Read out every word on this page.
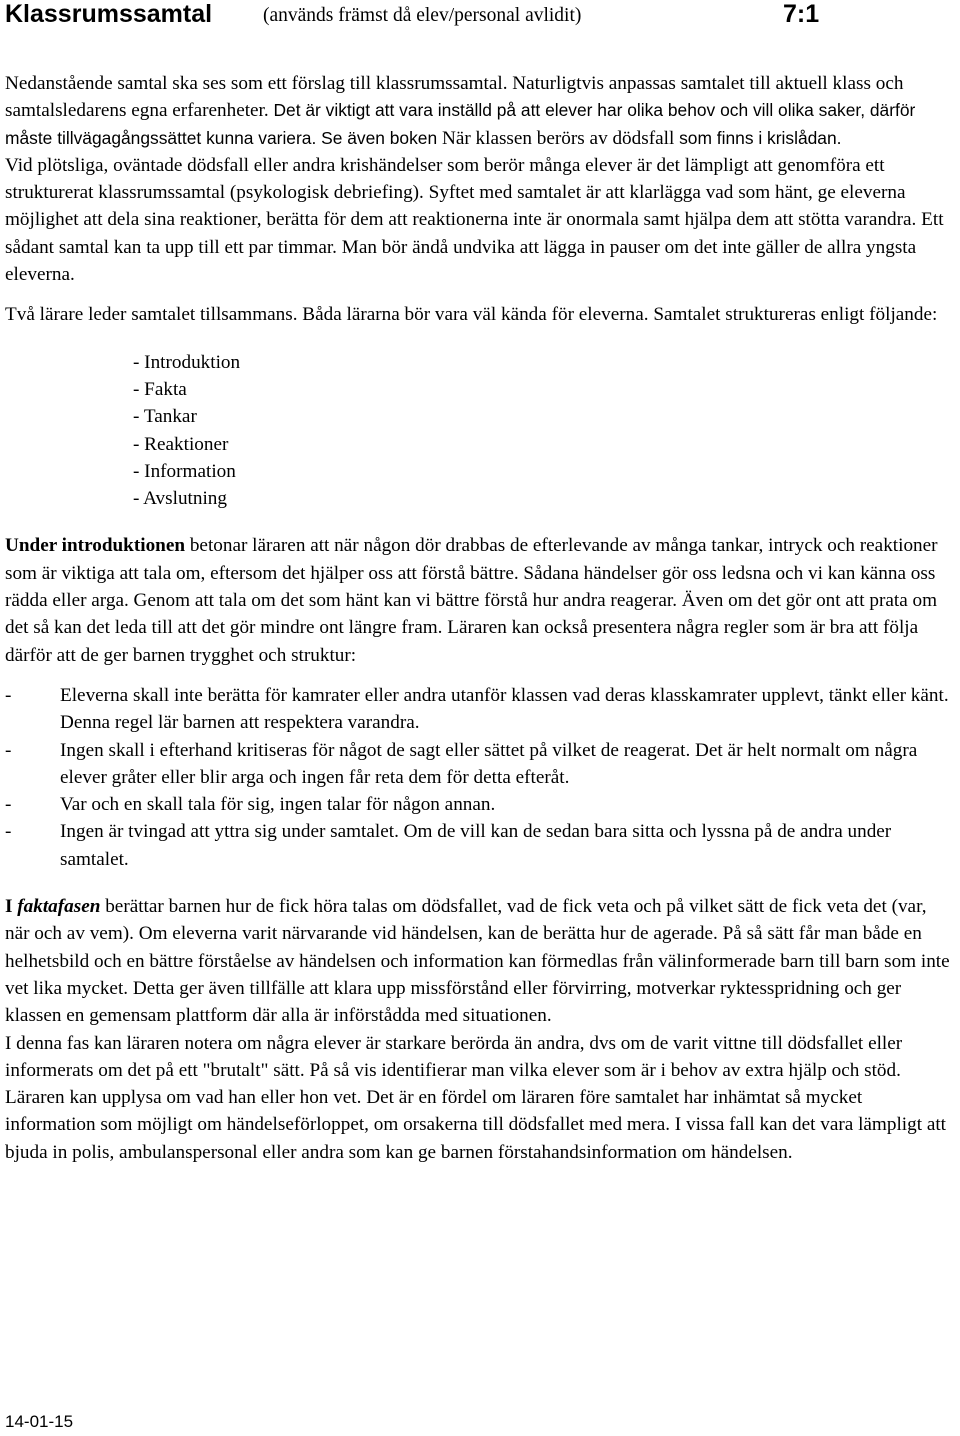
Klassrumssamtal	(används främst då elev/personal avlidit)	7:1

Nedanstående samtal ska ses som ett förslag till klassrumssamtal. Naturligtvis anpassas samtalet till aktuell klass och samtalsledarens egna erfarenheter. Det är viktigt att vara inställd på att elever har olika behov och vill olika saker, därför måste tillvägagångssättet kunna variera. Se även boken När klassen berörs av dödsfall som finns i krislådan.

Vid plötsliga, oväntade dödsfall eller andra krishändelser som berör många elever är det lämpligt att genomföra ett strukturerat klassrumssamtal (psykologisk debriefing). Syftet med samtalet är att klarlägga vad som hänt, ge eleverna möjlighet att dela sina reaktioner, berätta för dem att reaktionerna inte är onormala samt hjälpa dem att stötta varandra. Ett sådant samtal kan ta upp till ett par timmar. Man bör ändå undvika att lägga in pauser om det inte gäller de allra yngsta eleverna.

Två lärare leder samtalet tillsammans. Båda lärarna bör vara väl kända för eleverna. Samtalet struktureras enligt följande:

- Introduktion
- Fakta
- Tankar
- Reaktioner
- Information
- Avslutning

Under introduktionen betonar läraren att när någon dör drabbas de efterlevande av många tankar, intryck och reaktioner som är viktiga att tala om, eftersom det hjälper oss att förstå bättre. Sådana händelser gör oss ledsna och vi kan känna oss rädda eller arga. Genom att tala om det som hänt kan vi bättre förstå hur andra reagerar. Även om det gör ont att prata om det så kan det leda till att det gör mindre ont längre fram. Läraren kan också presentera några regler som är bra att följa därför att de ger barnen trygghet och struktur:

-	Eleverna skall inte berätta för kamrater eller andra utanför klassen vad deras klasskamrater upplevt, tänkt eller känt. Denna regel lär barnen att respektera varandra.
-	Ingen skall i efterhand kritiseras för något de sagt eller sättet på vilket de reagerat. Det är helt normalt om några elever gråter eller blir arga och ingen får reta dem för detta efteråt.
-	Var och en skall tala för sig, ingen talar för någon annan.
-	Ingen är tvingad att yttra sig under samtalet. Om de vill kan de sedan bara sitta och lyssna på de andra under samtalet.

I faktafasen berättar barnen hur de fick höra talas om dödsfallet, vad de fick veta och på vilket sätt de fick veta det (var, när och av vem). Om eleverna varit närvarande vid händelsen, kan de berätta hur de agerade. På så sätt får man både en helhetsbild och en bättre förståelse av händelsen och information kan förmedlas från välinformerade barn till barn som inte vet lika mycket. Detta ger även tillfälle att klara upp missförstånd eller förvirring, motverkar ryktesspridning och ger klassen en gemensam plattform där alla är införstådda med situationen.

I denna fas kan läraren notera om några elever är starkare berörda än andra, dvs om de varit vittne till dödsfallet eller informerats om det på ett "brutalt" sätt. På så vis identifierar man vilka elever som är i behov av extra hjälp och stöd.

Läraren kan upplysa om vad han eller hon vet. Det är en fördel om läraren före samtalet har inhämtat så mycket information som möjligt om händelseförloppet, om orsakerna till dödsfallet med mera. I vissa fall kan det vara lämpligt att bjuda in polis, ambulanspersonal eller andra som kan ge barnen förstahandsinformation om händelsen.

14-01-15
